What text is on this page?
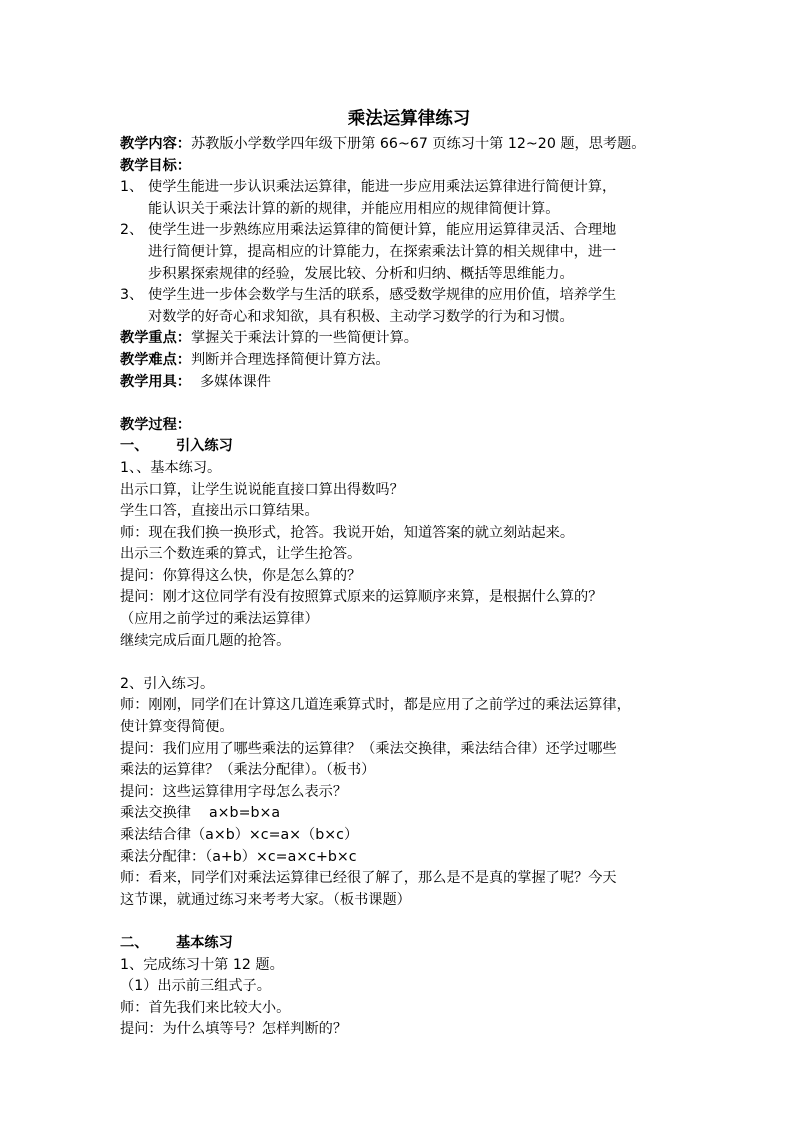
乘法运算律练习
教学内容：苏教版小学数学四年级下册第 66~67 页练习十第 12~20 题，思考题。
教学目标：
1、 使学生能进一步认识乘法运算律，能进一步应用乘法运算律进行简便计算，
能认识关于乘法计算的新的规律，并能应用相应的规律简便计算。
2、 使学生进一步熟练应用乘法运算律的简便计算，能应用运算律灵活、合理地
进行简便计算，提高相应的计算能力，在探索乘法计算的相关规律中，进一
步积累探索规律的经验，发展比较、分析和归纳、概括等思维能力。
3、 使学生进一步体会数学与生活的联系，感受数学规律的应用价值，培养学生
对数学的好奇心和求知欲，具有积极、主动学习数学的行为和习惯。
教学重点：掌握关于乘法计算的一些简便计算。
教学难点：判断并合理选择简便计算方法。
教学用具：  多媒体课件
教学过程：
一、	引入练习
1、、基本练习。
出示口算，让学生说说能直接口算出得数吗？
学生口答，直接出示口算结果。
师：现在我们换一换形式，抢答。我说开始，知道答案的就立刻站起来。
出示三个数连乘的算式，让学生抢答。
提问：你算得这么快，你是怎么算的？
提问：刚才这位同学有没有按照算式原来的运算顺序来算，是根据什么算的？
（应用之前学过的乘法运算律）
继续完成后面几题的抢答。
2、引入练习。
师：刚刚，同学们在计算这几道连乘算式时，都是应用了之前学过的乘法运算律，
使计算变得简便。
提问：我们应用了哪些乘法的运算律？（乘法交换律，乘法结合律）还学过哪些
乘法的运算律？（乘法分配律）。（板书）
提问：这些运算律用字母怎么表示？
乘法交换律    a×b=b×a
乘法结合律（a×b）×c=a×（b×c）
乘法分配律：（a+b）×c=a×c+b×c
师：看来，同学们对乘法运算律已经很了解了，那么是不是真的掌握了呢？今天
这节课，就通过练习来考考大家。（板书课题）
二、	基本练习
1、完成练习十第 12 题。
（1）出示前三组式子。
师：首先我们来比较大小。
提问：为什么填等号？怎样判断的？
